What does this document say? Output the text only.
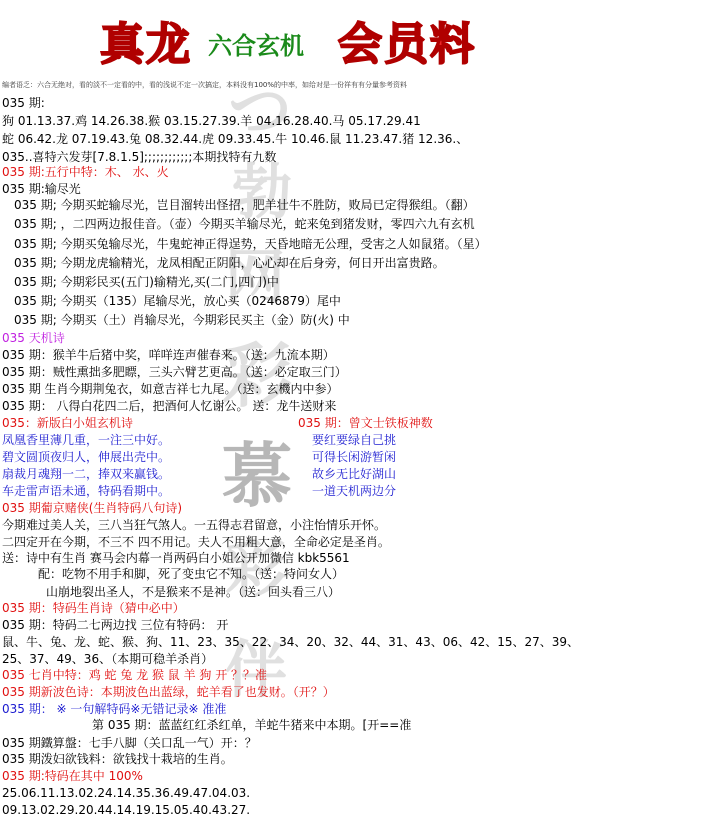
つ
勃
网
彩
慕
彩
伴
真龙 六合玄机 会员料
编者语乏：六合无绝对，看的淡不一定看的中，看的浅说不定一次搞定，本料没有100%的中率，如给对是一份祥有有分量参考资料
035 期:
狗 01.13.37.鸡 14.26.38.猴 03.15.27.39.羊 04.16.28.40.马 05.17.29.41
蛇 06.42.龙 07.19.43.兔 08.32.44.虎 09.33.45.牛 10.46.鼠 11.23.47.猪 12.36.、
035..喜特六发芽[7.8.1.5];;;;;;;;;;;;本期找特有九数
035 期:五行中特：木、 水、火
035 期:输尽光
035 期; 今期买蛇输尽光，岂目溜转出怪招，肥羊壮牛不胜防，败局已定得猴组。（翻）
035 期; ，二四两边报佳音。（壶）今期买羊输尽光，蛇来兔到猪发财，零四六九有玄机
035 期; 今期买兔输尽光，牛鬼蛇神正得逞势，天昏地暗无公理，受害之人如鼠猪。（星）
035 期; 今期龙虎输精光，龙凤相配正阴阳，心心却在后身旁，何日开出富贵路。
035 期; 今期彩民买(五门)输精光,买(二门,四门)中
035 期; 今期买（135）尾输尽光，放心买（0246879）尾中
035 期; 今期买（土）肖输尽光，今期彩民买主（金）防(火) 中
035 天机诗
035 期：猴羊牛后猪中奖，咩咩连声催春来。（送：九流本期）
035 期：贼性熏拙多肥瞟，三头六臂艺更高。（送：必定取三门）
035 期 生肖今期荆兔衣，如意吉祥七九尾。（送：玄機内中参）
035 期： 八得白花四二后，把酒何人忆谢公。 送：龙牛送财来
035：新版白小姐玄机诗	035 期：曾文士铁板神数
凤凰香里薄几重，一注三中好。	要红要绿自己挑
碧文圆顶夜归人，伸展出壳中。	可得长闲游暂闲
扇裁月魂翔一二，捧双来赢钱。	故乡无比好湖山
车走雷声语未通，特码看期中。	一道天机两边分
035 期葡京赌侠(生肖特码八句诗)
今期难过美人关，三八当狂气煞人。一五得志君留意，小注怡情乐开怀。
二四定开在今期，不三不 四不用记。夫人不用粗大意，全命必定是圣肖。
送：诗中有生肖 赛马会内幕一肖两码白小姐公开加微信 kbk5561
配：吃物不用手和脚，死了变虫它不知。（送：特问女人）
山崩地裂出圣人，不是猴来不是神。（送：回头看三八）
035 期：特码生肖诗（猜中必中）
035 期：特码二七两边找 三位有特码： 开
鼠、牛、兔、龙、蛇、猴、狗、11、23、35、22、34、20、32、44、31、43、06、42、15、27、39、
25、37、49、36、（本期可稳羊杀肖）
035 七肖中特：鸡 蛇 兔 龙 猴 鼠 羊 狗 开 ？？准
035 期新波色诗：本期波色出蓝绿，蛇羊看了也发财。（开？）
035 期： ※ 一句解特码※无错记录※ 准准
第 035 期：蓝蓝红红杀红单，羊蛇牛猪来中本期。[开==准
035 期鐵算盤：七手八脚（关口乱一气）开：？
035 期泼妇欲钱料：欲钱找十栽培的生肖。
035 期:特码在其中 100%
25.06.11.13.02.24.14.35.36.49.47.04.03.
09.13.02.29.20.44.14.19.15.05.40.43.27.
